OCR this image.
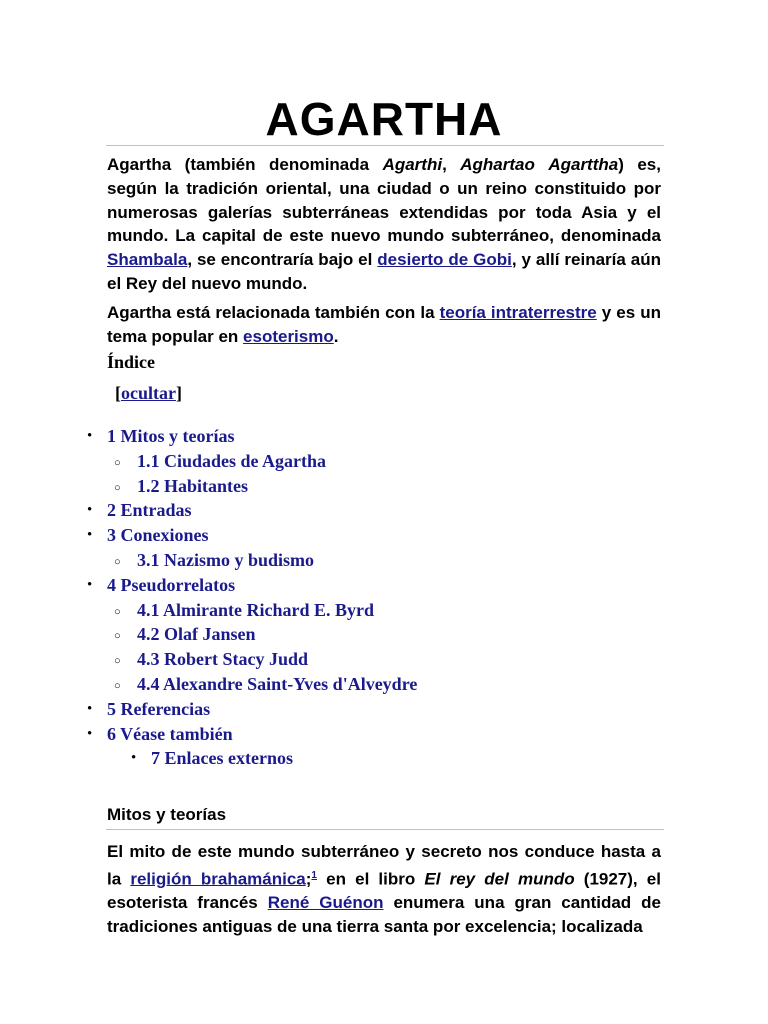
AGARTHA

Agartha (también denominada Agarthi, Aghartao Agarttha) es, según la tradición oriental, una ciudad o un reino constituido por numerosas galerías subterráneas extendidas por toda Asia y el mundo. La capital de este nuevo mundo subterráneo, denominada Shambala, se encontraría bajo el desierto de Gobi, y allí reinaría aún el Rey del nuevo mundo.

Agartha está relacionada también con la teoría intraterrestre y es un tema popular en esoterismo.

Índice

[ocultar]

• 1 Mitos y teorías
○ 1.1 Ciudades de Agartha
○ 1.2 Habitantes
• 2 Entradas
• 3 Conexiones
○ 3.1 Nazismo y budismo
• 4 Pseudorrelatos
○ 4.1 Almirante Richard E. Byrd
○ 4.2 Olaf Jansen
○ 4.3 Robert Stacy Judd
○ 4.4 Alexandre Saint-Yves d'Alveydre
• 5 Referencias
• 6 Véase también
• 7 Enlaces externos

Mitos y teorías

El mito de este mundo subterráneo y secreto nos conduce hasta a la religión brahamánica;$^1$ en el libro El rey del mundo (1927), el esoterista francés René Guénon enumera una gran cantidad de tradiciones antiguas de una tierra santa por excelencia; localizada
